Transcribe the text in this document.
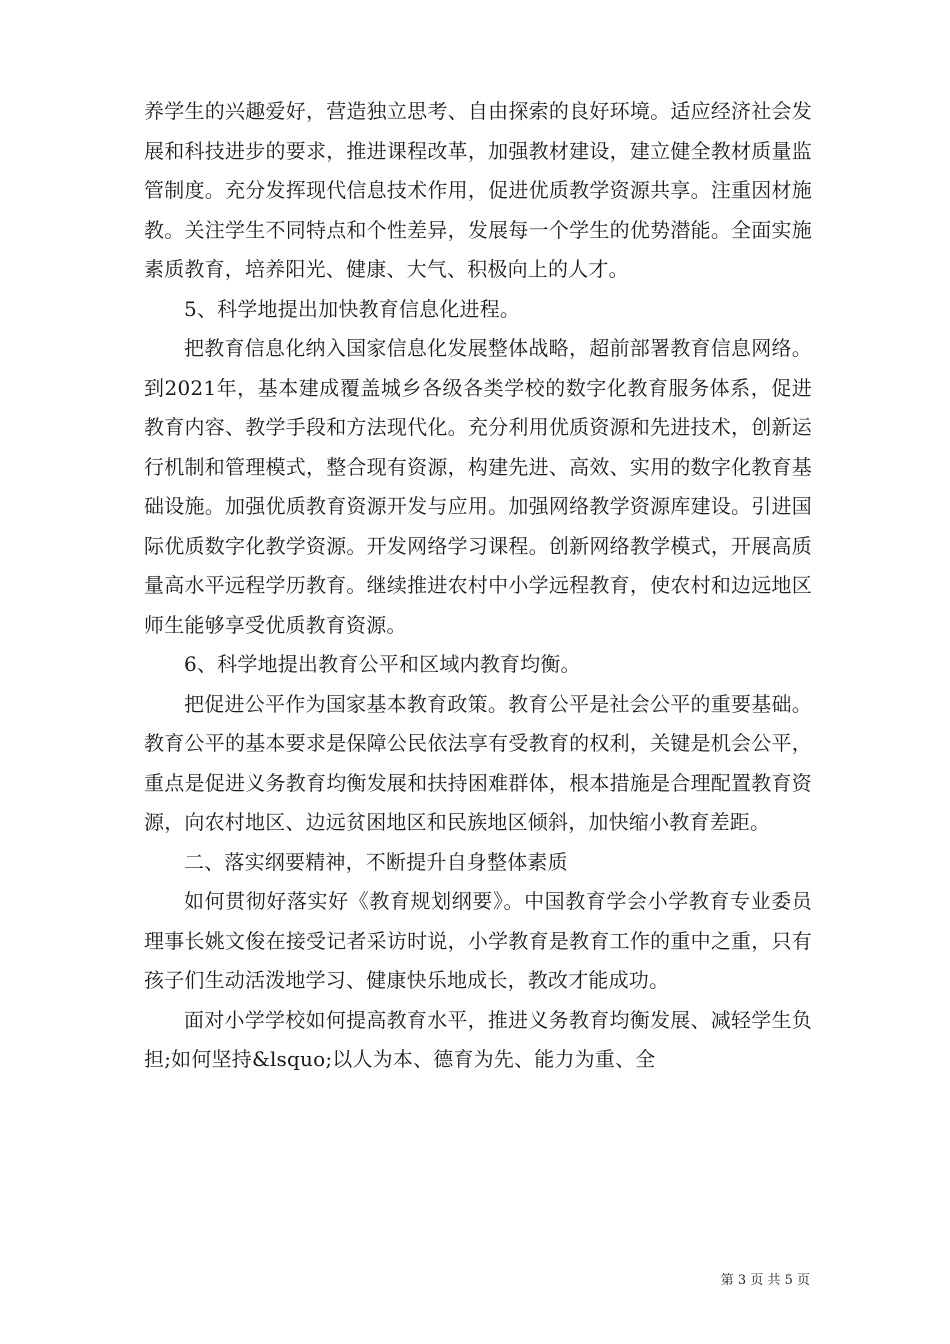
养学生的兴趣爱好，营造独立思考、自由探索的良好环境。适应经济社会发展和科技进步的要求，推进课程改革，加强教材建设，建立健全教材质量监管制度。充分发挥现代信息技术作用，促进优质教学资源共享。注重因材施教。关注学生不同特点和个性差异，发展每一个学生的优势潜能。全面实施素质教育，培养阳光、健康、大气、积极向上的人才。

5、科学地提出加快教育信息化进程。

把教育信息化纳入国家信息化发展整体战略，超前部署教育信息网络。到2021年，基本建成覆盖城乡各级各类学校的数字化教育服务体系，促进教育内容、教学手段和方法现代化。充分利用优质资源和先进技术，创新运行机制和管理模式，整合现有资源，构建先进、高效、实用的数字化教育基础设施。加强优质教育资源开发与应用。加强网络教学资源库建设。引进国际优质数字化教学资源。开发网络学习课程。创新网络教学模式，开展高质量高水平远程学历教育。继续推进农村中小学远程教育，使农村和边远地区师生能够享受优质教育资源。

6、科学地提出教育公平和区域内教育均衡。

把促进公平作为国家基本教育政策。教育公平是社会公平的重要基础。教育公平的基本要求是保障公民依法享有受教育的权利，关键是机会公平，重点是促进义务教育均衡发展和扶持困难群体，根本措施是合理配置教育资源，向农村地区、边远贫困地区和民族地区倾斜，加快缩小教育差距。

二、落实纲要精神，不断提升自身整体素质

如何贯彻好落实好《教育规划纲要》。中国教育学会小学教育专业委员理事长姚文俊在接受记者采访时说，小学教育是教育工作的重中之重，只有孩子们生动活泼地学习、健康快乐地成长，教改才能成功。

面对小学学校如何提高教育水平，推进义务教育均衡发展、减轻学生负担;如何坚持&lsquo;以人为本、德育为先、能力为重、全

第 3 页 共 5 页
